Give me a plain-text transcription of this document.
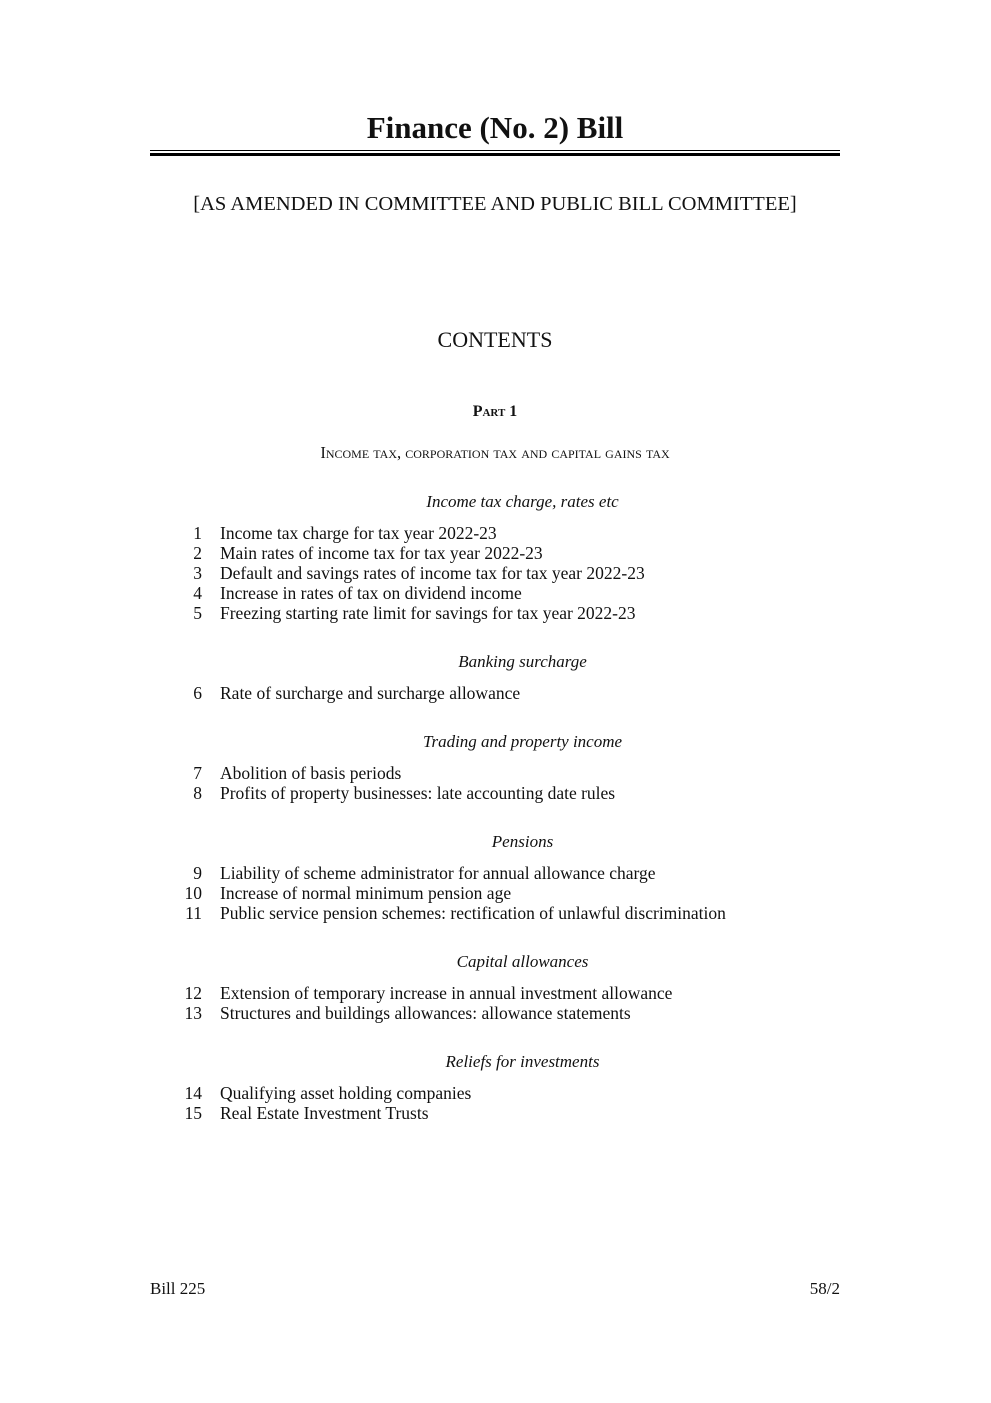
Finance (No. 2) Bill
[AS AMENDED IN COMMITTEE AND PUBLIC BILL COMMITTEE]
CONTENTS
Part 1
Income tax, corporation tax and capital gains tax
Income tax charge, rates etc
1	Income tax charge for tax year 2022-23
2	Main rates of income tax for tax year 2022-23
3	Default and savings rates of income tax for tax year 2022-23
4	Increase in rates of tax on dividend income
5	Freezing starting rate limit for savings for tax year 2022-23
Banking surcharge
6	Rate of surcharge and surcharge allowance
Trading and property income
7	Abolition of basis periods
8	Profits of property businesses: late accounting date rules
Pensions
9	Liability of scheme administrator for annual allowance charge
10	Increase of normal minimum pension age
11	Public service pension schemes: rectification of unlawful discrimination
Capital allowances
12	Extension of temporary increase in annual investment allowance
13	Structures and buildings allowances: allowance statements
Reliefs for investments
14	Qualifying asset holding companies
15	Real Estate Investment Trusts
Bill 225	58/2
